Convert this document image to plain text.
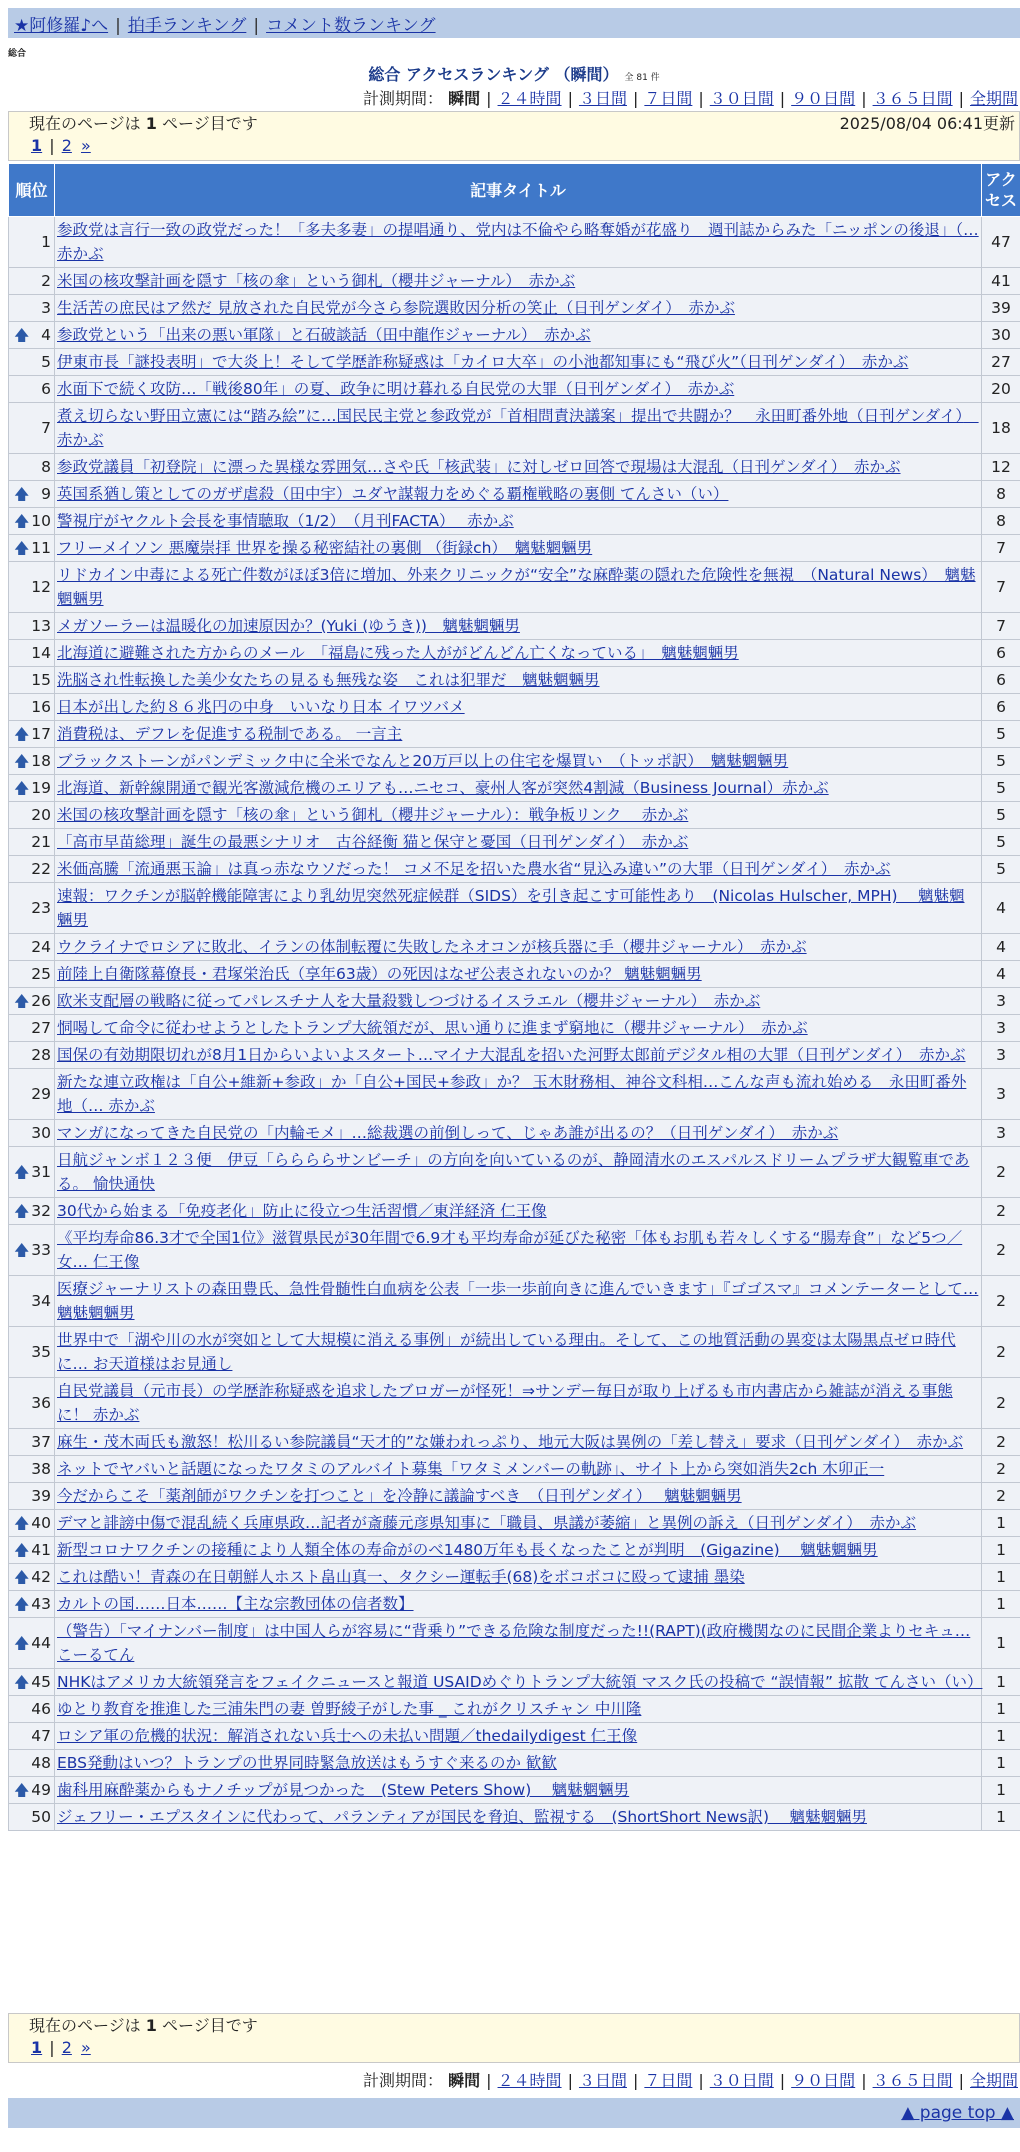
★阿修羅♪へ | 拍手ランキング | コメント数ランキング
総合
総合 アクセスランキング （瞬間） 全 81 件
計測期間： 瞬間 | ２４時間 | ３日間 | ７日間 | ３０日間 | ９０日間 | ３６５日間 | 全期間
現在のページは 1 ページ目です	2025/08/04 06:41更新
1 | 2 »
順位	記事タイトル	アクセス
1	参政党は言行一致の政党だった！「多夫多妻」の提唱通り、党内は不倫やら略奪婚が花盛り　週刊誌からみた「ニッポンの後退」（… 赤かぶ	47
2	米国の核攻撃計画を隠す「核の傘」という御札（櫻井ジャーナル）　赤かぶ	41
3	生活苦の庶民はア然だ 見放された自民党が今さら参院選敗因分析の笑止（日刊ゲンダイ）　赤かぶ	39

🡅 4	参政党という「出来の悪い軍隊」と石破談話（田中龍作ジャーナル）　赤かぶ	30
5	伊東市長「謎投表明」で大炎上！そして学歴詐称疑惑は「カイロ大卒」の小池都知事にも“飛び火”（日刊ゲンダイ）　赤かぶ	27
6	水面下で続く攻防…「戦後80年」の夏、政争に明け暮れる自民党の大罪（日刊ゲンダイ）　赤かぶ	20
7	煮え切らない野田立憲には“踏み絵”に…国民民主党と参政党が「首相問責決議案」提出で共闘か？　永田町番外地（日刊ゲンダイ）　赤かぶ	18
8	参政党議員「初登院」に漂った異様な雰囲気…さや氏「核武装」に対しゼロ回答で現場は大混乱（日刊ゲンダイ）　赤かぶ	12

🡅 9	英国系猶し策としてのガザ虐殺（田中宇）ユダヤ謀報力をめぐる覇権戦略の裏側 てんさい（い）	8

🡅 10	警視庁がヤクルト会長を事情聴取（1/2）　（月刊FACTA）　 赤かぶ	8

🡅 11	フリーメイソン 悪魔崇拝 世界を操る秘密結社の裏側 （街録ch）　魑魅魍魎男	7
12	リドカイン中毒による死亡件数がほぼ3倍に増加、外来クリニックが“安全”な麻酔薬の隠れた危険性を無視　（Natural News）　魑魅魍魎男	7
13	メガソーラーは温暖化の加速原因か？(Yuki (ゆうき))　魑魅魍魎男	7
14	北海道に避難された方からのメール　「福島に残った人ががどんどん亡くなっている」　魑魅魍魎男	6
15	洗脳され性転換した美少女たちの見るも無残な姿　これは犯罪だ　魑魅魍魎男	6
16	日本が出した約８６兆円の中身　いいなり日本 イワツバメ	6

🡅 17	消費税は、デフレを促進する税制である。 一言主	5

🡅 18	ブラックストーンがパンデミック中に全米でなんと20万戸以上の住宅を爆買い　（トッポ訳）　魑魅魍魎男	5

🡅 19	北海道、新幹線開通で観光客激減危機のエリアも…ニセコ、豪州人客が突然4割減（Business Journal）赤かぶ	5
20	米国の核攻撃計画を隠す「核の傘」という御札（櫻井ジャーナル）：戦争板リンク　 赤かぶ	5
21	「高市早苗総理」誕生の最悪シナリオ　古谷経衡 猫と保守と憂国（日刊ゲンダイ）　赤かぶ	5
22	米価高騰「流通悪玉論」は真っ赤なウソだった！ コメ不足を招いた農水省“見込み違い”の大罪（日刊ゲンダイ）　赤かぶ	5
23	速報：ワクチンが脳幹機能障害により乳幼児突然死症候群（SIDS）を引き起こす可能性あり　(Nicolas Hulscher, MPH)　 魑魅魍魎男	4
24	ウクライナでロシアに敗北、イランの体制転覆に失敗したネオコンが核兵器に手（櫻井ジャーナル）　赤かぶ	4
25	前陸上自衛隊幕僚長・君塚栄治氏（享年63歳）の死因はなぜ公表されないのか？ 魑魅魍魎男	4

🡅 26	欧米支配層の戦略に従ってパレスチナ人を大量殺戮しつづけるイスラエル（櫻井ジャーナル）　赤かぶ	3
27	恫喝して命令に従わせようとしたトランプ大統領だが、思い通りに進まず窮地に（櫻井ジャーナル）　赤かぶ	3
28	国保の有効期限切れが8月1日からいよいよスタート…マイナ大混乱を招いた河野太郎前デジタル相の大罪（日刊ゲンダイ）　赤かぶ	3
29	新たな連立政権は「自公+維新+参政」か「自公+国民+参政」か？ 玉木財務相、神谷文科相…こんな声も流れ始める　永田町番外地（… 赤かぶ	3
30	マンガになってきた自民党の「内輪モメ」…総裁選の前倒しって、じゃあ誰が出るの？（日刊ゲンダイ）　赤かぶ	3

🡅 31	日航ジャンボ１２３便　伊豆「ららららサンビーチ」の方向を向いているのが、静岡清水のエスパルスドリームプラザ大観覧車である。 愉快通快	2

🡅 32	30代から始まる「免疫老化」防止に役立つ生活習慣／東洋経済 仁王像	2

🡅 33	《平均寿命86.3才で全国1位》滋賀県民が30年間で6.9才も平均寿命が延びた秘密「体もお肌も若々しくする“腸寿食”」など5つ／女… 仁王像	2
34	医療ジャーナリストの森田豊氏、急性骨髄性白血病を公表「一歩一歩前向きに進んでいきます」『ゴゴスマ』コメンテーターとして… 魑魅魍魎男	2
35	世界中で「湖や川の水が突如として大規模に消える事例」が続出している理由。そして、この地質活動の異変は太陽黒点ゼロ時代に… お天道様はお見通し	2
36	自民党議員（元市長）の学歴詐称疑惑を追求したブロガーが怪死！⇒サンデー毎日が取り上げるも市内書店から雑誌が消える事態に！ 赤かぶ	2
37	麻生・茂木両氏も激怒！松川るい参院議員“天才的”な嫌われっぷり、地元大阪は異例の「差し替え」要求（日刊ゲンダイ）　赤かぶ	2
38	ネットでヤバいと話題になったワタミのアルバイト募集「ワタミメンバーの軌跡」、サイト上から突如消失2ch 木卯正一	2
39	今だからこそ「薬剤師がワクチンを打つこと」を冷静に議論すべき　（日刊ゲンダイ）　 魑魅魍魎男	2

🡅 40	デマと誹謗中傷で混乱続く兵庫県政…記者が斎藤元彦県知事に「職員、県議が萎縮」と異例の訴え（日刊ゲンダイ）　赤かぶ	1

🡅 41	新型コロナワクチンの接種により人類全体の寿命がのべ1480万年も長くなったことが判明　(Gigazine)　 魑魅魍魎男	1

🡅 42	これは酷い！青森の在日朝鮮人ホスト畠山真一、タクシー運転手(68)をボコボコに殴って逮捕 墨染	1

🡅 43	カルトの国……日本……【主な宗教団体の信者数】	1

🡅 44	（警告）「マイナンバー制度」は中国人らが容易に“背乗り”できる危険な制度だった!!(RAPT)(政府機関なのに民間企業よりセキュ… こーるてん	1

🡅 45	NHKはアメリカ大統領発言をフェイクニュースと報道 USAIDめぐりトランプ大統領 マスク氏の投稿で “誤情報” 拡散 てんさい（い）	1
46	ゆとり教育を推進した三浦朱門の妻 曽野綾子がした事 _ これがクリスチャン 中川隆	1
47	ロシア軍の危機的状況：解消されない兵士への未払い問題／thedailydigest 仁王像	1
48	EBS発動はいつ？トランプの世界同時緊急放送はもうすぐ来るのか 歓歓	1

🡅 49	歯科用麻酔薬からもナノチップが見つかった　(Stew Peters Show)　 魑魅魍魎男	1
50	ジェフリー・エプスタインに代わって、パランティアが国民を脅迫、監視する　(ShortShort News訳)　 魑魅魍魎男	1
現在のページは 1 ページ目です
1 | 2 »
計測期間： 瞬間 | ２４時間 | ３日間 | ７日間 | ３０日間 | ９０日間 | ３６５日間 | 全期間
▲ page top ▲
